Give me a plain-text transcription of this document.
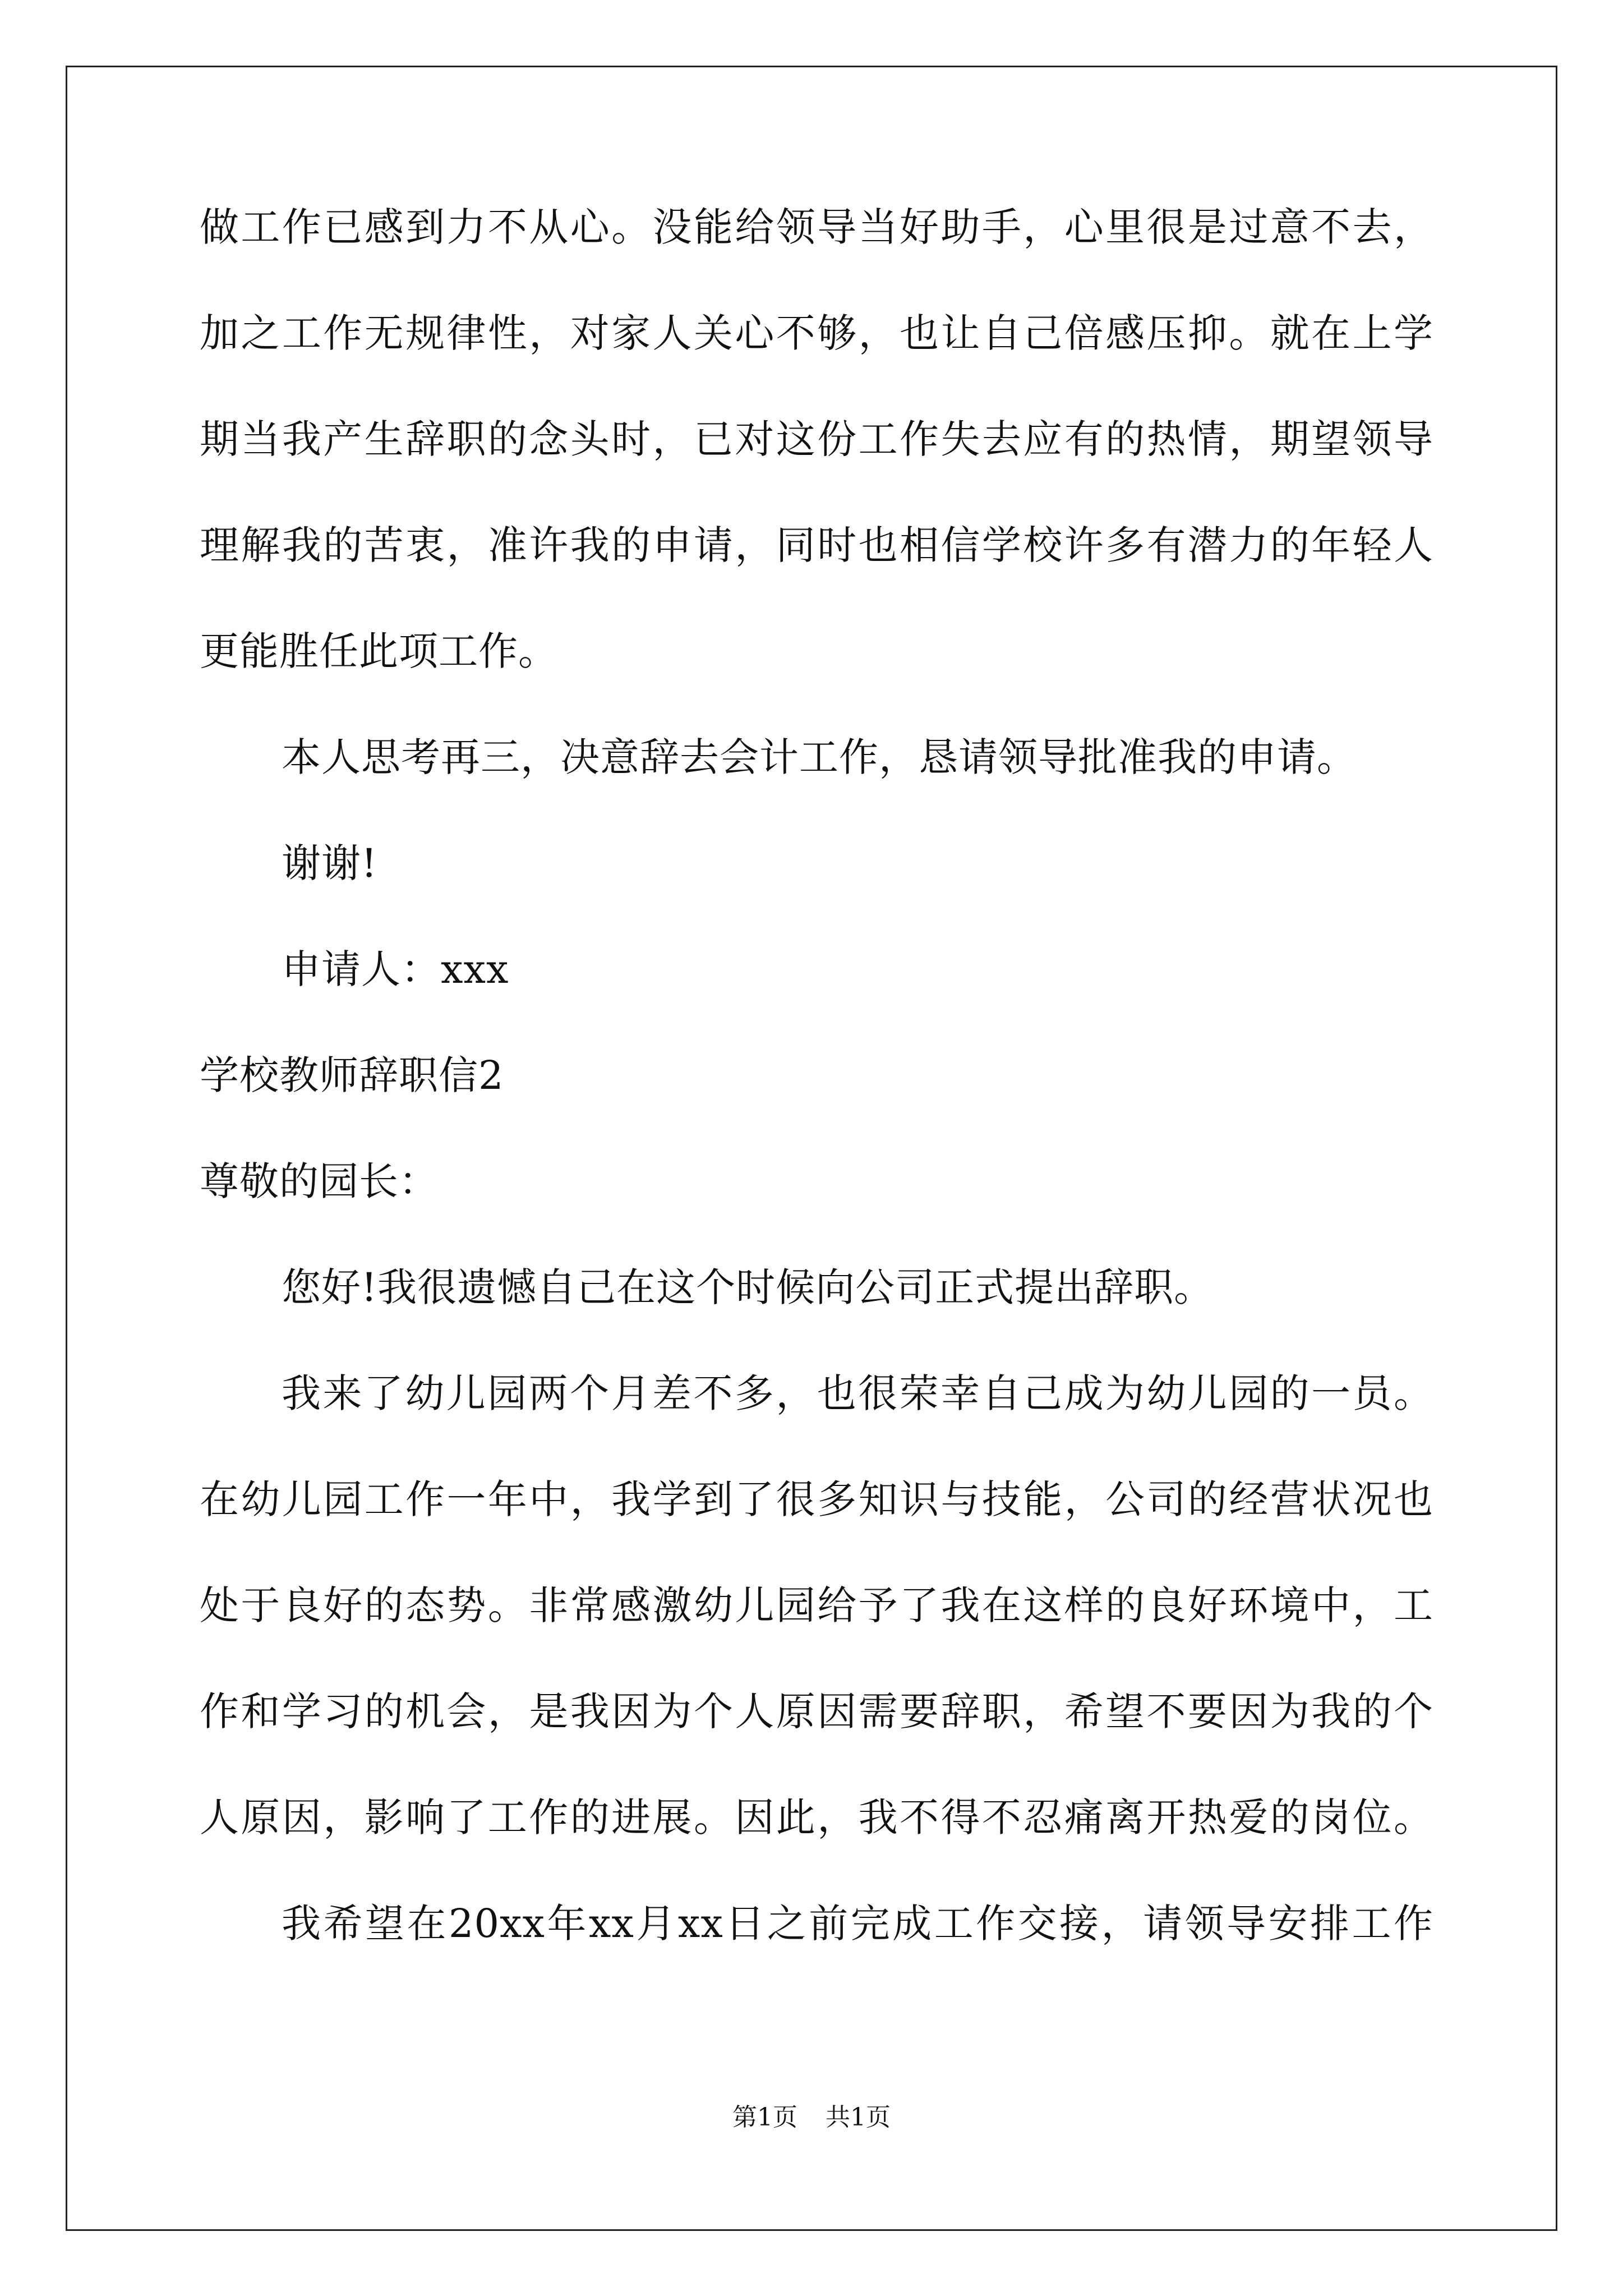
做工作已感到力不从心。没能给领导当好助手，心里很是过意不去，
加之工作无规律性，对家人关心不够，也让自己倍感压抑。就在上学
期当我产生辞职的念头时，已对这份工作失去应有的热情，期望领导
理解我的苦衷，准许我的申请，同时也相信学校许多有潜力的年轻人
更能胜任此项工作。
本人思考再三，决意辞去会计工作，恳请领导批准我的申请。
谢谢!
申请人：xxx
学校教师辞职信2
尊敬的园长：
您好!我很遗憾自己在这个时候向公司正式提出辞职。
我来了幼儿园两个月差不多，也很荣幸自己成为幼儿园的一员。
在幼儿园工作一年中，我学到了很多知识与技能，公司的经营状况也
处于良好的态势。非常感激幼儿园给予了我在这样的良好环境中，工
作和学习的机会，是我因为个人原因需要辞职，希望不要因为我的个
人原因，影响了工作的进展。因此，我不得不忍痛离开热爱的岗位。
我希望在20xx年xx月xx日之前完成工作交接，请领导安排工作
第1页 共1页
